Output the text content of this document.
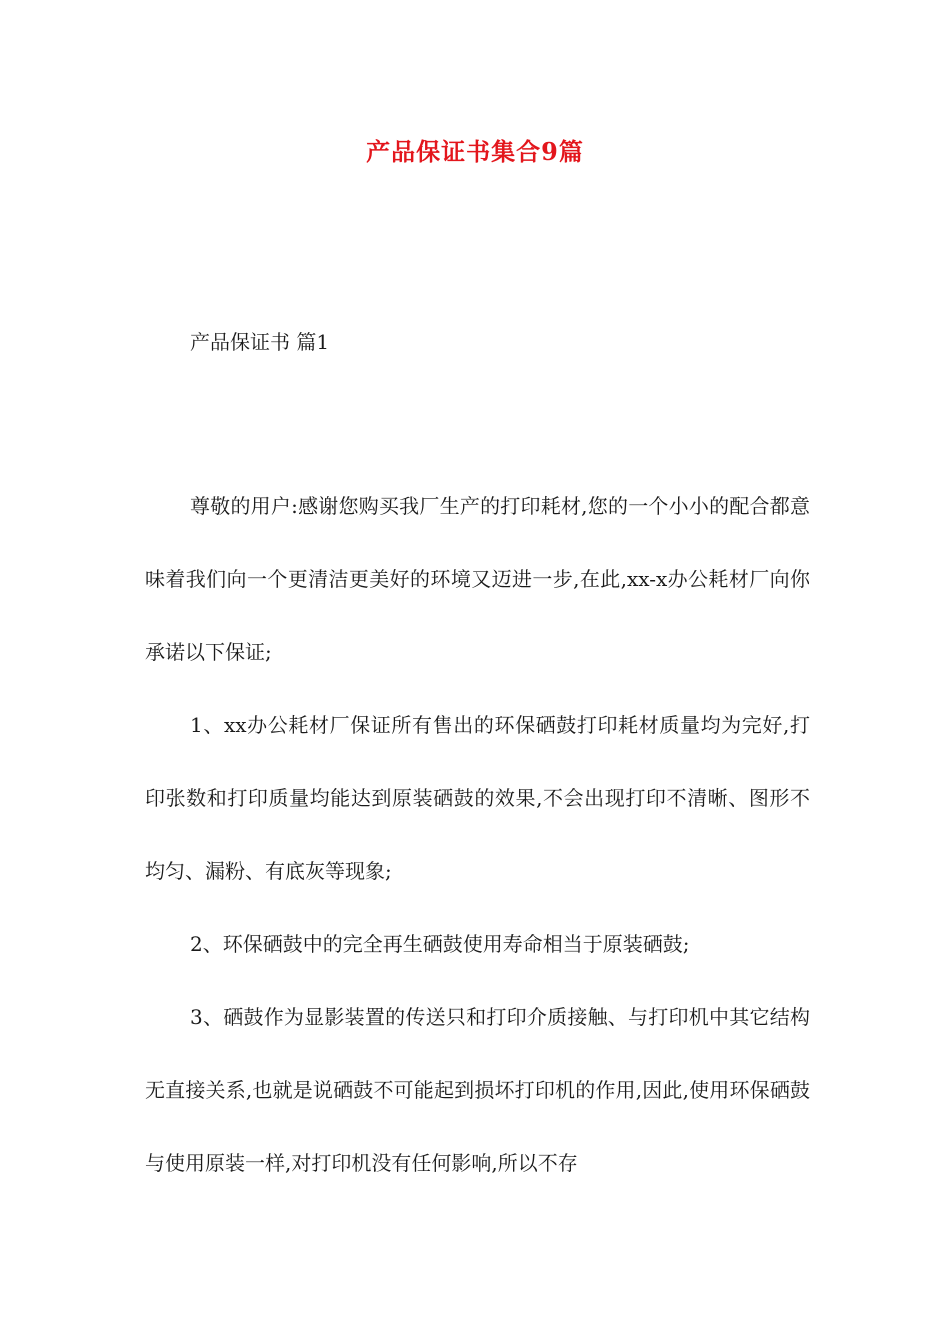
产品保证书集合9篇

产品保证书 篇1

尊敬的用户:感谢您购买我厂生产的打印耗材,您的一个小小的配合都意味着我们向一个更清洁更美好的环境又迈进一步,在此,xx-x办公耗材厂向你承诺以下保证;

1、xx办公耗材厂保证所有售出的环保硒鼓打印耗材质量均为完好,打印张数和打印质量均能达到原装硒鼓的效果,不会出现打印不清晰、图形不均匀、漏粉、有底灰等现象;

2、环保硒鼓中的完全再生硒鼓使用寿命相当于原装硒鼓;

3、硒鼓作为显影装置的传送只和打印介质接触、与打印机中其它结构无直接关系,也就是说硒鼓不可能起到损坏打印机的作用,因此,使用环保硒鼓与使用原装一样,对打印机没有任何影响,所以不存
